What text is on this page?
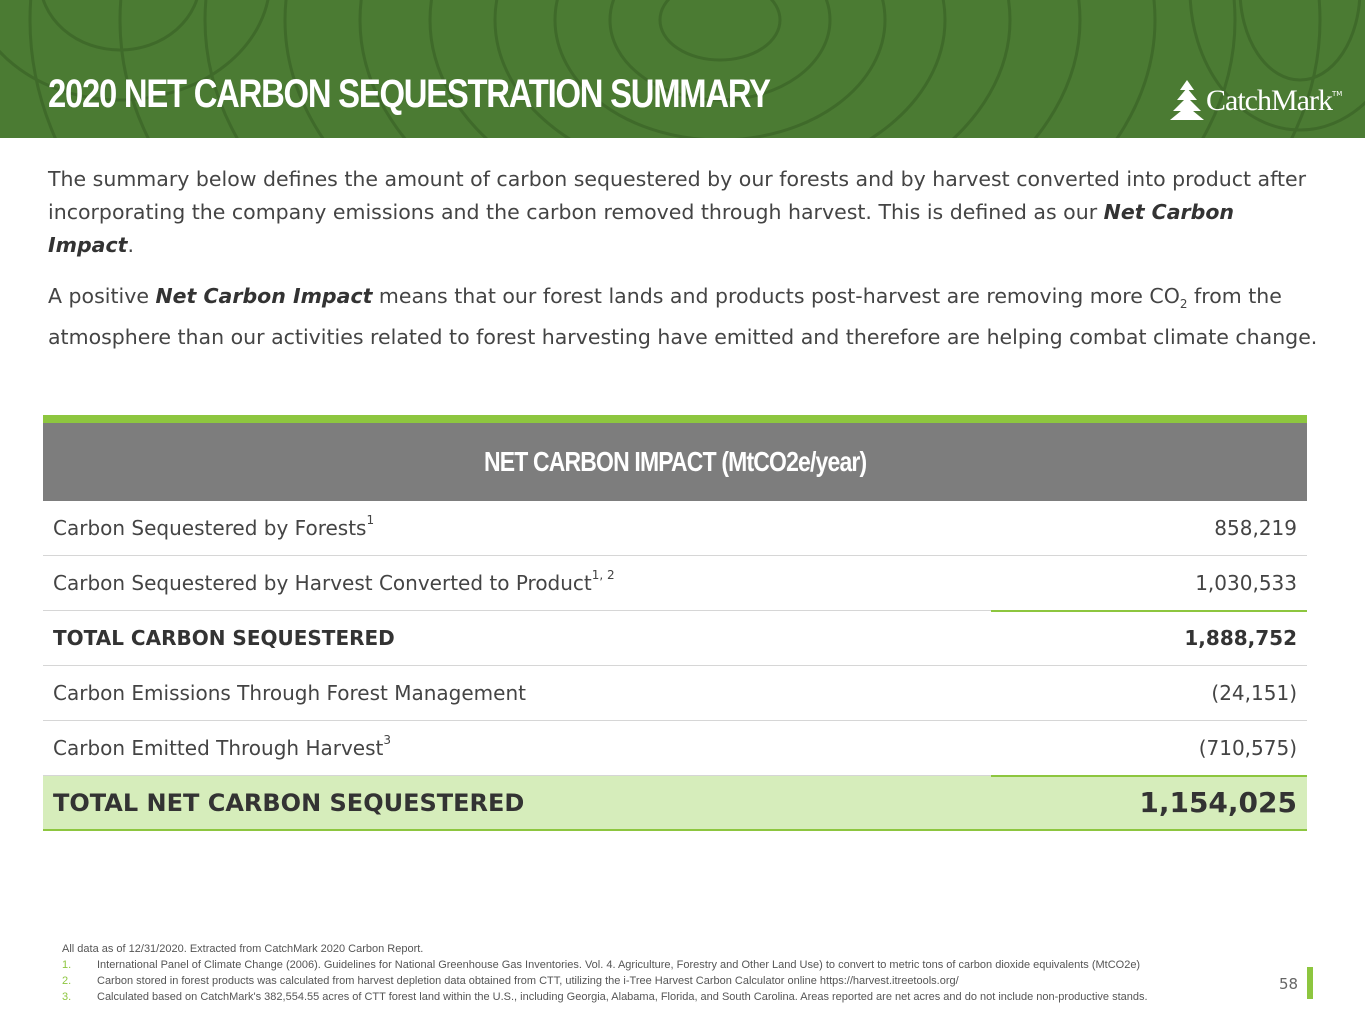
2020 NET CARBON SEQUESTRATION SUMMARY	CatchMark TM

The summary below defines the amount of carbon sequestered by our forests and by harvest converted into product after incorporating the company emissions and the carbon removed through harvest. This is defined as our Net Carbon Impact.

A positive Net Carbon Impact means that our forest lands and products post-harvest are removing more $CO_2$ from the atmosphere than our activities related to forest harvesting have emitted and therefore are helping combat climate change.

NET CARBON IMPACT (MtCO2e/year)
Carbon Sequestered by Forests$^1$	858,219
Carbon Sequestered by Harvest Converted to Product$^{1, 2}$	1,030,533
TOTAL CARBON SEQUESTERED	1,888,752
Carbon Emissions Through Forest Management	(24,151)
Carbon Emitted Through Harvest$^3$	(710,575)
TOTAL NET CARBON SEQUESTERED	1,154,025
All data as of 12/31/2020. Extracted from CatchMark 2020 Carbon Report.
1.	International Panel of Climate Change (2006). Guidelines for National Greenhouse Gas Inventories. Vol. 4. Agriculture, Forestry and Other Land Use) to convert to metric tons of carbon dioxide equivalents (MtCO2e)
2.	Carbon stored in forest products was calculated from harvest depletion data obtained from CTT, utilizing the i-Tree Harvest Carbon Calculator online https://harvest.itreetools.org/
3.	Calculated based on CatchMark's 382,554.55 acres of CTT forest land within the U.S., including Georgia, Alabama, Florida, and South Carolina. Areas reported are net acres and do not include non-productive stands.
58
